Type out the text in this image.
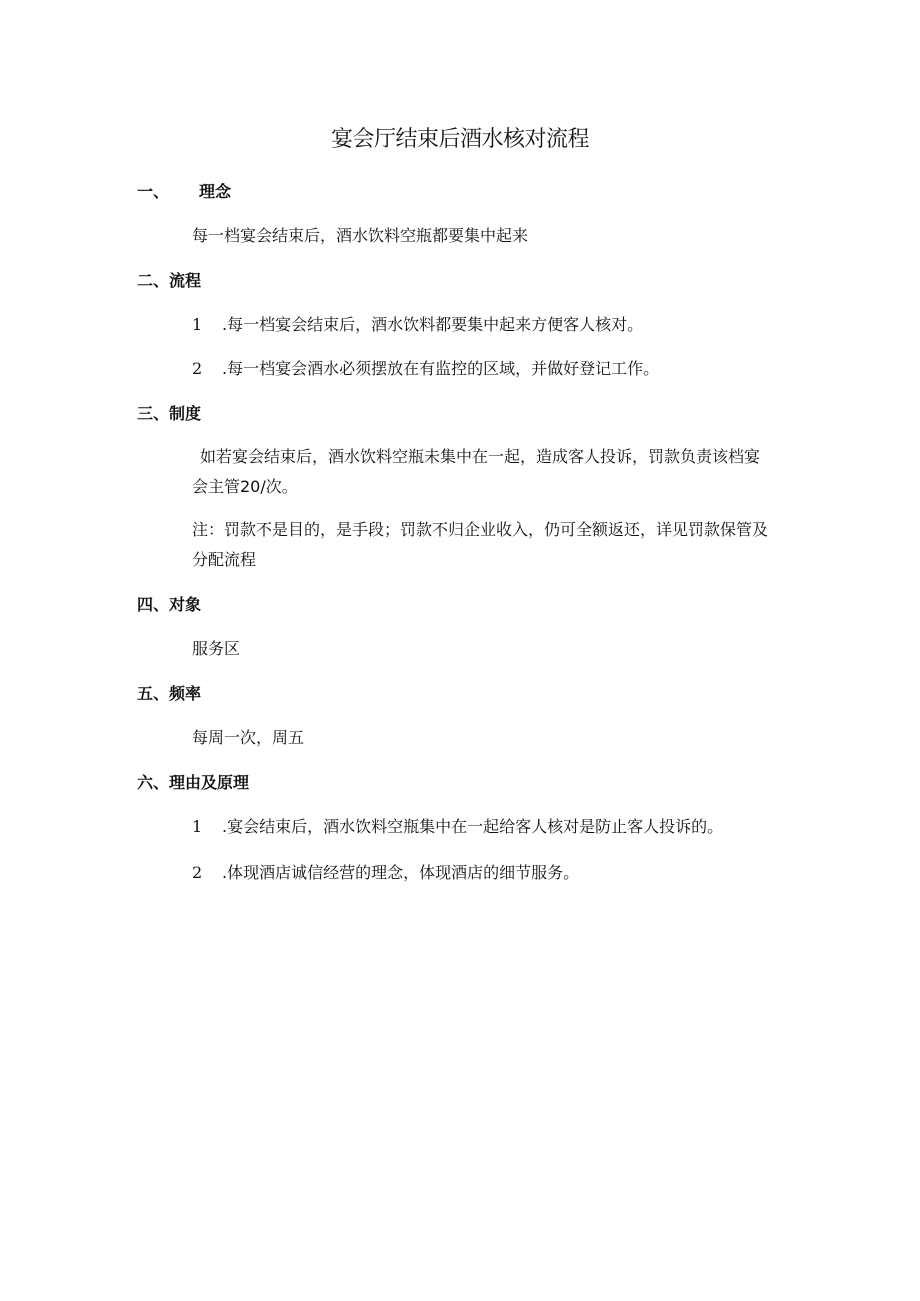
宴会厅结束后酒水核对流程
一、 理念
每一档宴会结束后，酒水饮料空瓶都要集中起来
二、流程
1 .每一档宴会结束后，酒水饮料都要集中起来方便客人核对。
2 .每一档宴会酒水必须摆放在有监控的区域，并做好登记工作。
三、制度
如若宴会结束后，酒水饮料空瓶未集中在一起，造成客人投诉，罚款负责该档宴会主管20/次。
注：罚款不是目的，是手段；罚款不归企业收入，仍可全额返还，详见罚款保管及分配流程
四、对象
服务区
五、频率
每周一次，周五
六、理由及原理
1 .宴会结束后，酒水饮料空瓶集中在一起给客人核对是防止客人投诉的。
2 .体现酒店诚信经营的理念，体现酒店的细节服务。
